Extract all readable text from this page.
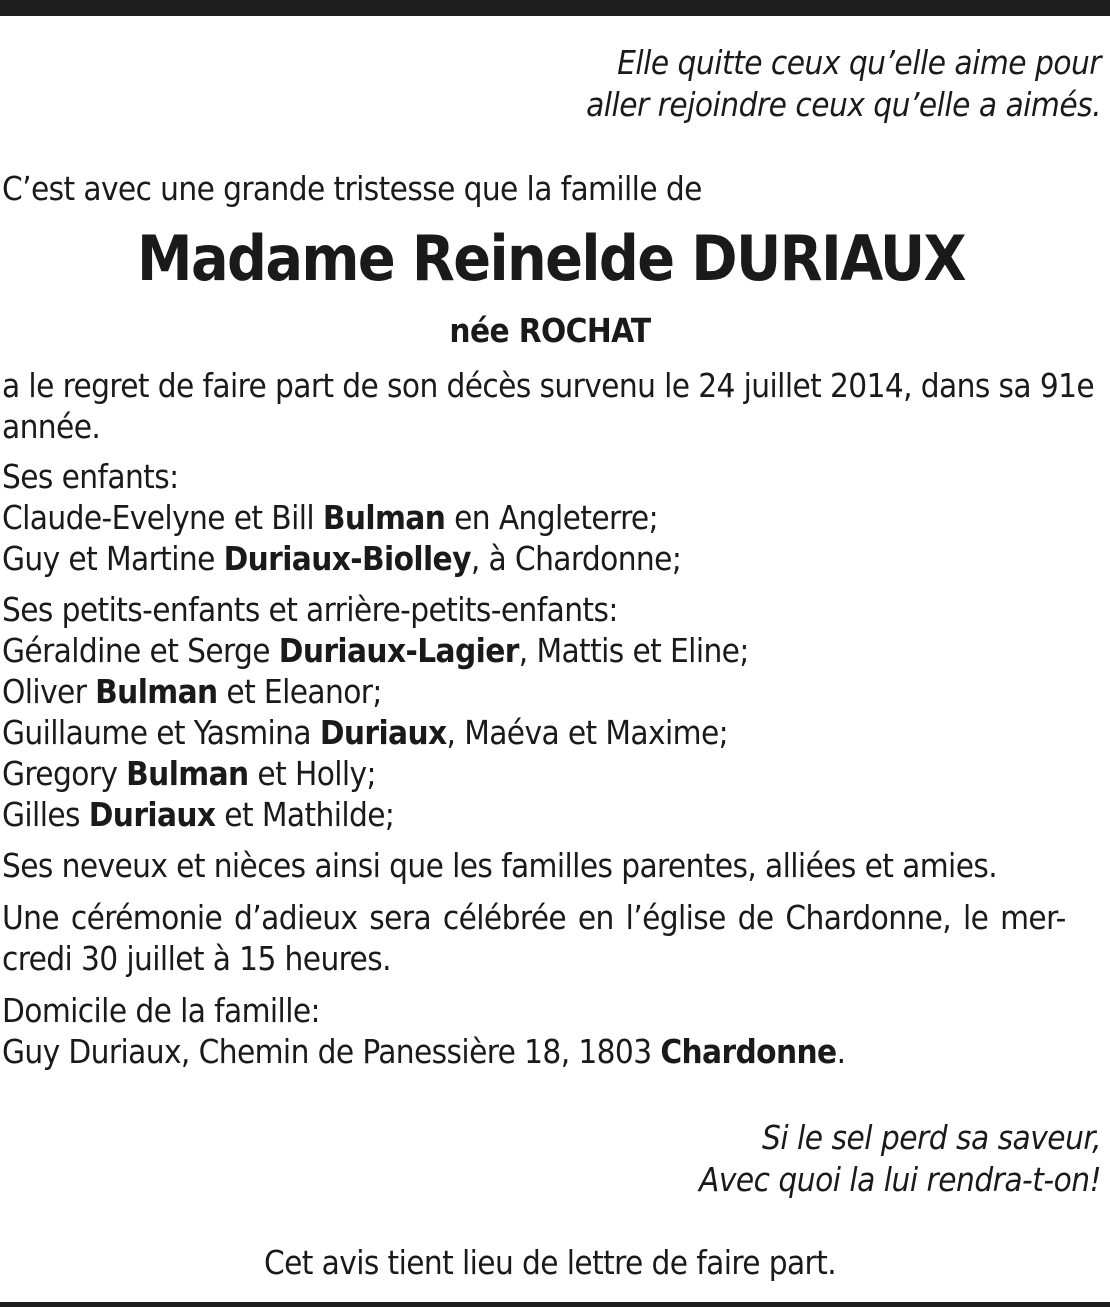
Elle quitte ceux qu’elle aime pour
aller rejoindre ceux qu’elle a aimés.
C’est avec une grande tristesse que la famille de
Madame Reinelde DURIAUX
née ROCHAT
a le regret de faire part de son décès survenu le 24 juillet 2014, dans sa 91e
année.
Ses enfants:
Claude-Evelyne et Bill Bulman en Angleterre;
Guy et Martine Duriaux-Biolley, à Chardonne;
Ses petits-enfants et arrière-petits-enfants:
Géraldine et Serge Duriaux-Lagier, Mattis et Eline;
Oliver Bulman et Eleanor;
Guillaume et Yasmina Duriaux, Maéva et Maxime;
Gregory Bulman et Holly;
Gilles Duriaux et Mathilde;
Ses neveux et nièces ainsi que les familles parentes, alliées et amies.
Une cérémonie d’adieux sera célébrée en l’église de Chardonne, le mer-
credi 30 juillet à 15 heures.
Domicile de la famille:
Guy Duriaux, Chemin de Panessière 18, 1803 Chardonne.
Si le sel perd sa saveur,
Avec quoi la lui rendra-t-on!
Cet avis tient lieu de lettre de faire part.
